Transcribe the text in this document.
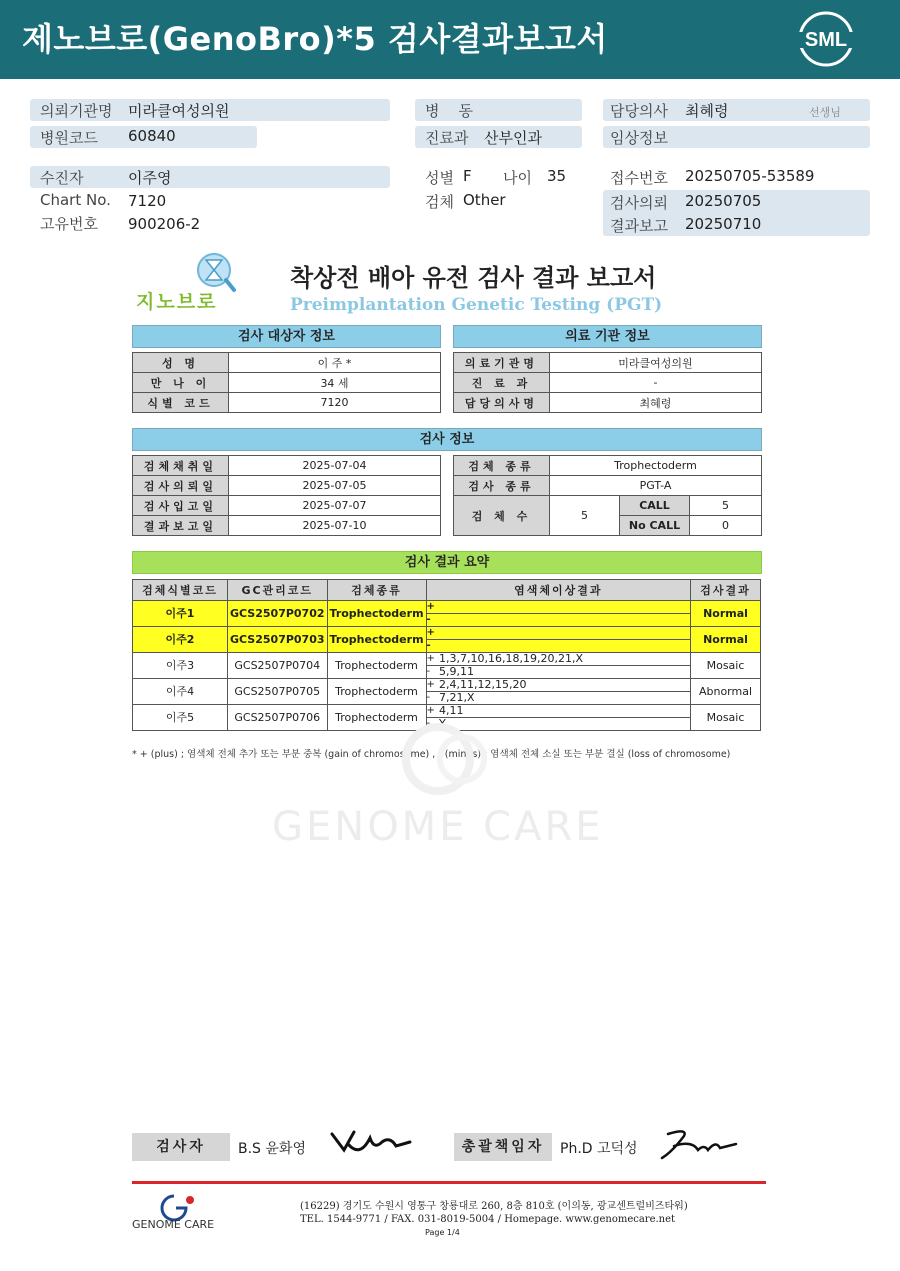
제노브로(GenoBro)*5 검사결과보고서	SML
의뢰기관명 미라클여성의원
병원코드 60840
수진자	이주영
Chart No. 7120
고유번호 900206-2
병    동
진료과 산부인과
성별 F 나이 35
검체 Other
담당의사 최혜령	선생님
임상정보
접수번호 20250705-53589
검사의뢰 20250705
결과보고 20250710
지노브로
착상전 배아 유전 검사 결과 보고서
Preimplantation Genetic Testing (PGT)
검사 대상자 정보
성 명	이 주 *
만 나 이	34 세
식별 코드	7120
의료 기관 정보
의료기관명	미라클여성의원
진 료 과	-
담당의사명	최혜령
검사 정보
검체채취일	2025-07-04
검사의뢰일	2025-07-05
검사입고일	2025-07-07
결과보고일	2025-07-10
검체 종류	Trophectoderm		
검사 종류	PGT-A		
검 체 수	5	CALL	5
		No CALL	0
검사 결과 요약
검체식별코드	GC관리코드	검체종류	염색체이상결과		검사결과
이주1	GCS2507P0702	Trophectoderm	+		Normal
			-		
이주2	GCS2507P0703	Trophectoderm	+		Normal
			-		
이주3	GCS2507P0704	Trophectoderm	+	1,3,7,10,16,18,19,20,21,X	Mosaic
			-	5,9,11	
이주4	GCS2507P0705	Trophectoderm	+	2,4,11,12,15,20	Abnormal
			-	7,21,X	
이주5	GCS2507P0706	Trophectoderm	+	4,11	Mosaic
			-	Y	
* + (plus) ; 염색체 전체 추가 또는 부분 중복 (gain of chromosome) , - (minus) ; 염색체 전체 소실 또는 부분 결실 (loss of chromosome)
GENOME CARE
검사자	B.S 윤화영	총괄책임자	Ph.D 고덕성
GENOME CARE
(16229) 경기도 수원시 영통구 창룡대로 260, 8층 810호 (이의동, 광교센트럴비즈타워)
TEL. 1544-9771 / FAX. 031-8019-5004 / Homepage. www.genomecare.net
Page 1/4
